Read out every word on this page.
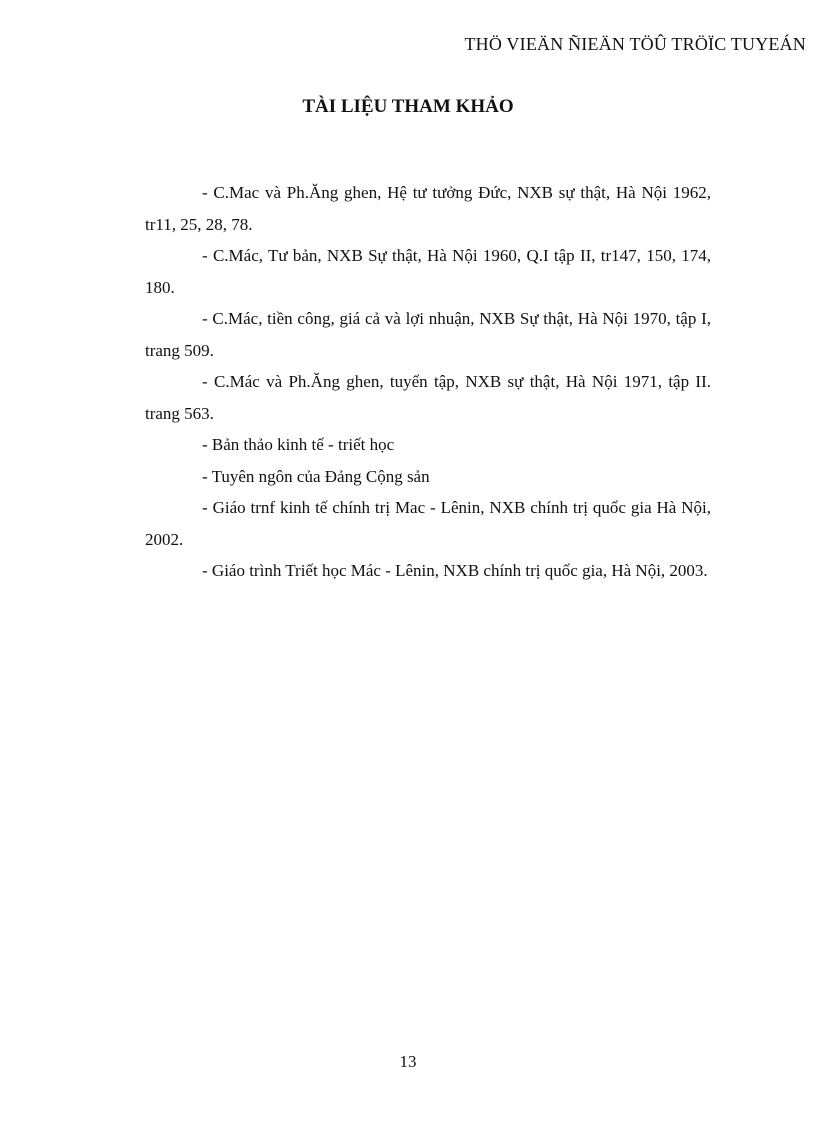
THÖ VIEÄN ÑIEÄN TÖÛ TRÖÏC TUYEÁN
TÀI LIỆU THAM KHẢO
- C.Mac và Ph.Ăng ghen, Hệ tư tưởng Đức, NXB sự thật, Hà Nội 1962, tr11, 25, 28, 78.
- C.Mác, Tư bản, NXB Sự thật, Hà Nội 1960, Q.I tập II, tr147, 150, 174, 180.
- C.Mác, tiền công, giá cả và lợi nhuận, NXB Sự thật, Hà Nội 1970, tập I, trang 509.
- C.Mác và Ph.Ăng ghen, tuyển tập, NXB sự thật, Hà Nội 1971, tập II. trang 563.
- Bản thảo kinh tế - triết học
- Tuyên ngôn của Đảng Cộng sản
- Giáo trnf kinh tế chính trị Mac - Lênin, NXB chính trị quốc gia Hà Nội, 2002.
- Giáo trình Triết học Mác - Lênin, NXB chính trị quốc gia, Hà Nội, 2003.
13
